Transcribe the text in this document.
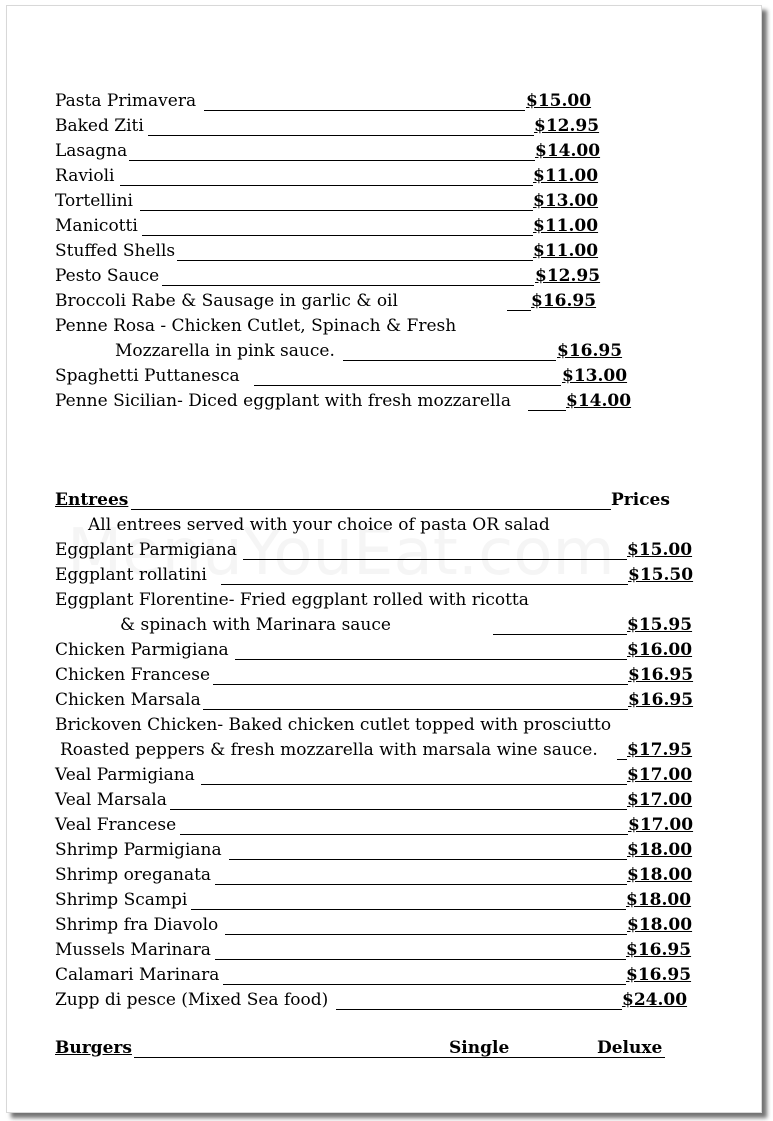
Pasta Primavera	$15.00
Baked Ziti	$12.95
Lasagna	$14.00
Ravioli	$11.00
Tortellini	$13.00
Manicotti	$11.00
Stuffed Shells	$11.00
Pesto Sauce	$12.95
Broccoli Rabe & Sausage in garlic & oil	$16.95
Penne Rosa - Chicken Cutlet, Spinach & Fresh
Mozzarella in pink sauce.	$16.95
Spaghetti Puttanesca	$13.00
Penne Sicilian- Diced eggplant with fresh mozzarella	$14.00
Entrees	Prices
All entrees served with your choice of pasta OR salad
Eggplant Parmigiana	$15.00
Eggplant rollatini	$15.50
Eggplant Florentine- Fried eggplant rolled with ricotta
& spinach with Marinara sauce	$15.95
Chicken Parmigiana	$16.00
Chicken Francese	$16.95
Chicken Marsala	$16.95
Brickoven Chicken- Baked chicken cutlet topped with prosciutto
Roasted peppers & fresh mozzarella with marsala wine sauce. $17.95
Veal Parmigiana	$17.00
Veal Marsala	$17.00
Veal Francese	$17.00
Shrimp Parmigiana	$18.00
Shrimp oreganata	$18.00
Shrimp Scampi	$18.00
Shrimp fra Diavolo	$18.00
Mussels Marinara	$16.95
Calamari Marinara	$16.95
Zupp di pesce (Mixed Sea food)	$24.00
Burgers	Single	Deluxe
